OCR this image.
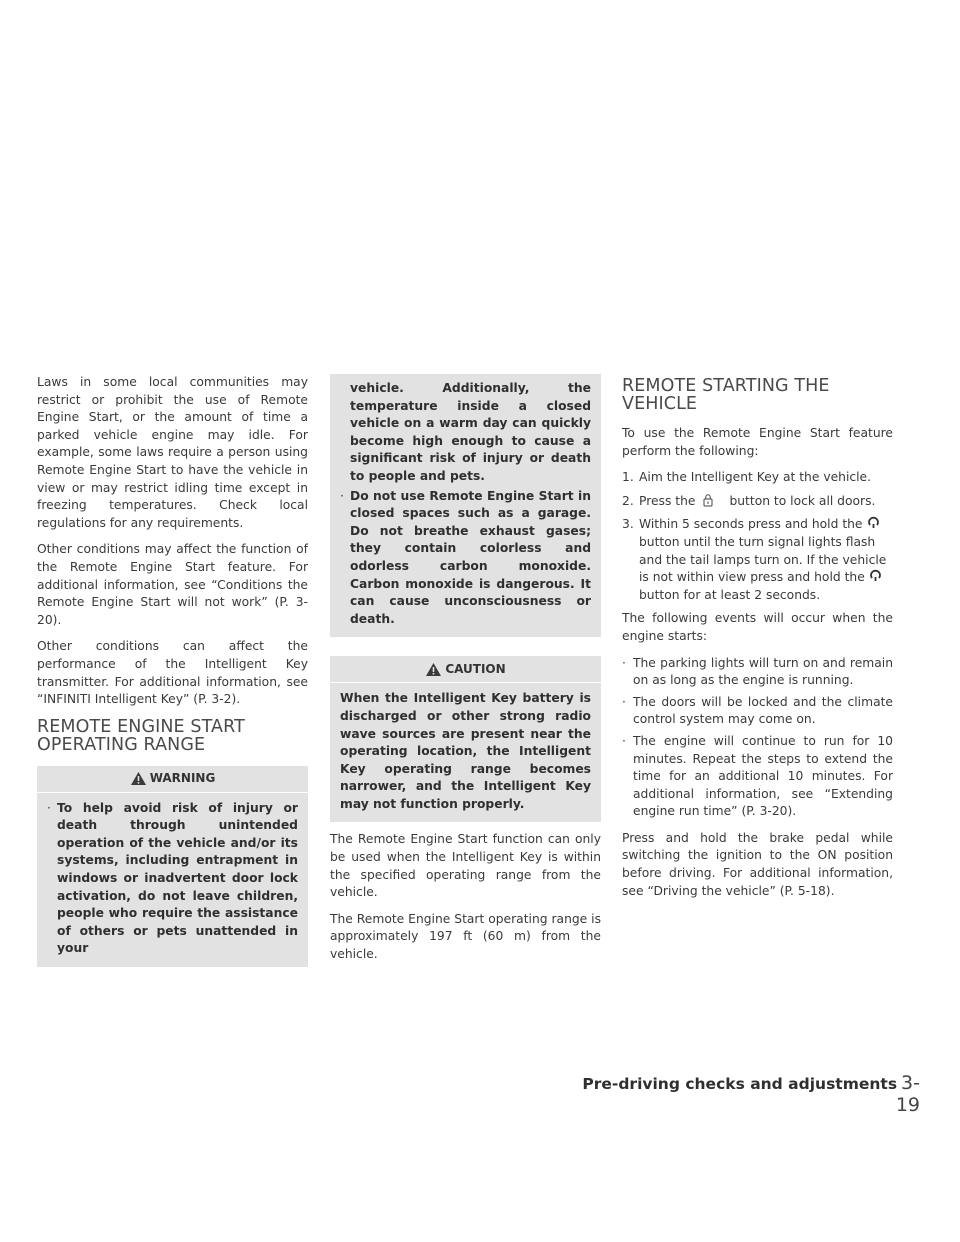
Laws in some local communities may restrict or prohibit the use of Remote Engine Start, or the amount of time a parked vehicle engine may idle. For example, some laws require a person using Remote Engine Start to have the vehicle in view or may restrict idling time except in freezing temperatures. Check local regulations for any requirements.

Other conditions may affect the function of the Remote Engine Start feature. For additional information, see “Conditions the Remote Engine Start will not work” (P. 3-20).

Other conditions can affect the performance of the Intelligent Key transmitter. For additional information, see “INFINITI Intelligent Key” (P. 3-2).

REMOTE ENGINE START OPERATING RANGE
WARNING
· To help avoid risk of injury or death through unintended operation of the vehicle and/or its systems, including entrapment in windows or inadvertent door lock activation, do not leave children, people who require the assistance of others or pets unattended in your
vehicle. Additionally, the temperature inside a closed vehicle on a warm day can quickly become high enough to cause a significant risk of injury or death to people and pets.
· Do not use Remote Engine Start in closed spaces such as a garage. Do not breathe exhaust gases; they contain colorless and odorless carbon monoxide. Carbon monoxide is dangerous. It can cause unconsciousness or death.
CAUTION

When the Intelligent Key battery is discharged or other strong radio wave sources are present near the operating location, the Intelligent Key operating range becomes narrower, and the Intelligent Key may not function properly.

The Remote Engine Start function can only be used when the Intelligent Key is within the specified operating range from the vehicle.

The Remote Engine Start operating range is approximately 197 ft (60 m) from the vehicle.

REMOTE STARTING THE VEHICLE

To use the Remote Engine Start feature perform the following:

1. Aim the Intelligent Key at the vehicle.
2. Press the	button to lock all doors.
3. Within 5 seconds press and hold the button until the turn signal lights flash and the tail lamps turn on. If the vehicle is not within view press and hold thebutton for at least 2 seconds.

The following events will occur when the engine starts:

· The parking lights will turn on and remain on as long as the engine is running.
· The doors will be locked and the climate control system may come on.
· The engine will continue to run for 10 minutes. Repeat the steps to extend the time for an additional 10 minutes. For additional information, see “Extending engine run time” (P. 3-20).

Press and hold the brake pedal while switching the ignition to the ON position before driving. For additional information, see “Driving the vehicle” (P. 5-18).

Pre-driving checks and adjustments 3-19
